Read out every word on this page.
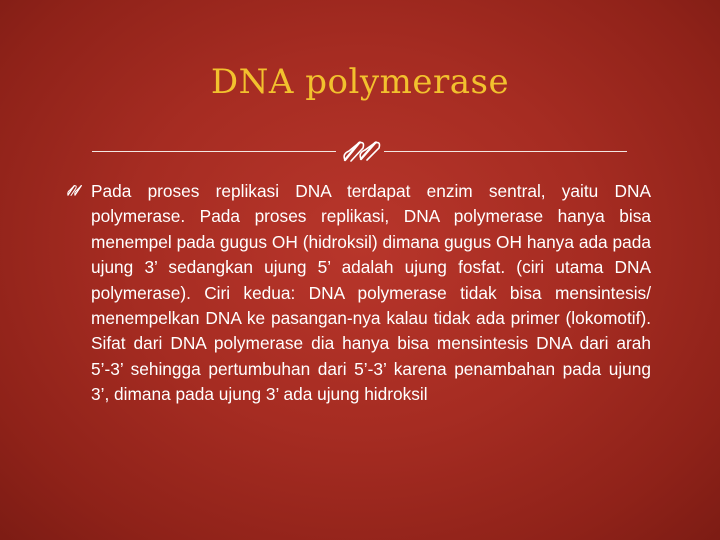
DNA polymerase

Pada proses replikasi DNA terdapat enzim sentral, yaitu DNA polymerase. Pada proses replikasi, DNA polymerase hanya bisa menempel pada gugus OH (hidroksil) dimana gugus OH hanya ada pada ujung 3’ sedangkan ujung 5’ adalah ujung fosfat. (ciri utama DNA polymerase). Ciri kedua: DNA polymerase tidak bisa mensintesis/ menempelkan DNA ke pasangan-nya kalau tidak ada primer (lokomotif). Sifat dari DNA polymerase dia hanya bisa mensintesis DNA dari arah 5’-3’ sehingga pertumbuhan dari 5’-3’ karena penambahan pada ujung 3’, dimana pada ujung 3’ ada ujung hidroksil
